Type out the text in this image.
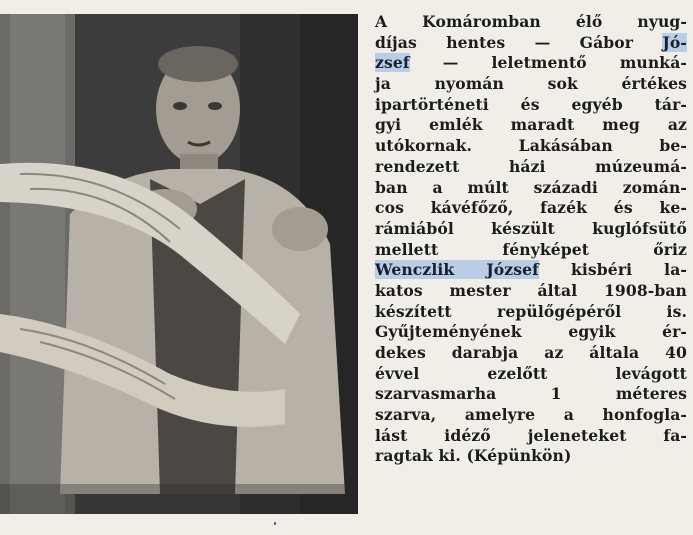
A Komáromban élő nyug-
díjas hentes — Gábor Jó-
zsef — leletmentő munká-
ja nyomán sok értékes
ipartörténeti és egyéb tár-
gyi emlék maradt meg az
utókornak. Lakásában be-
rendezett házi múzeumá-
ban a múlt századi zomán-
cos kávéfőző, fazék és ke-
rámiából készült kuglófsütő
mellett fényképet őriz
Wenczlik József kisbéri la-
katos mester által 1908-ban
készített repülőgépéről is.
Gyűjteményének egyik ér-
dekes darabja az általa 40
évvel ezelőtt levágott
szarvasmarha 1 méteres
szarva, amelyre a honfogla-
lást idéző jeleneteket fa-
ragtak ki. (Képünkön)
